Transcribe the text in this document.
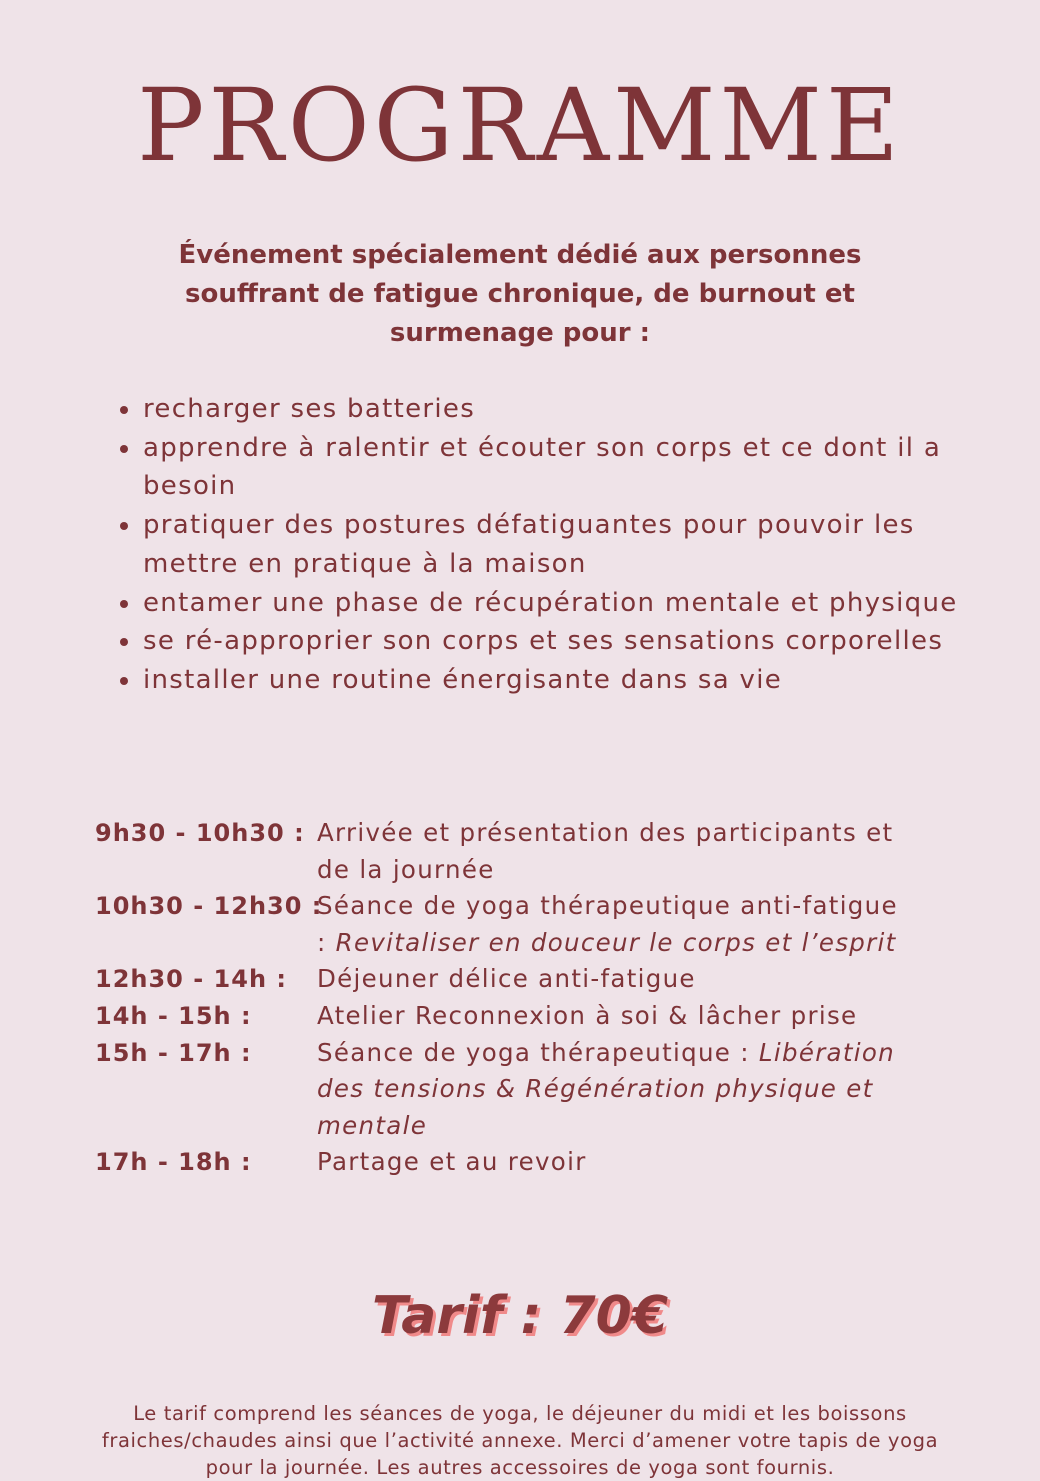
PROGRAMME

Événement spécialement dédié aux personnes souffrant de fatigue chronique, de burnout et surmenage pour :

recharger ses batteries
apprendre à ralentir et écouter son corps et ce dont il a besoin
pratiquer des postures défatiguantes pour pouvoir les mettre en pratique à la maison
entamer une phase de récupération mentale et physique
se ré-approprier son corps et ses sensations corporelles
installer une routine énergisante dans sa vie
9h30 - 10h30 : Arrivée et présentation des participants et de la journée
10h30 - 12h30 :
Séance de yoga thérapeutique anti-fatigue : Revitaliser en douceur le corps et l’esprit
12h30 - 14h :	Déjeuner délice anti-fatigue
14h - 15h :	Atelier Reconnexion à soi & lâcher prise
15h - 17h :	Séance de yoga thérapeutique : Libération des tensions & Régénération physique et mentale
17h - 18h :	Partage et au revoir
Tarif : 70€

Le tarif comprend les séances de yoga, le déjeuner du midi et les boissons fraiches/chaudes ainsi que l’activité annexe. Merci d’amener votre tapis de yoga pour la journée. Les autres accessoires de yoga sont fournis.
